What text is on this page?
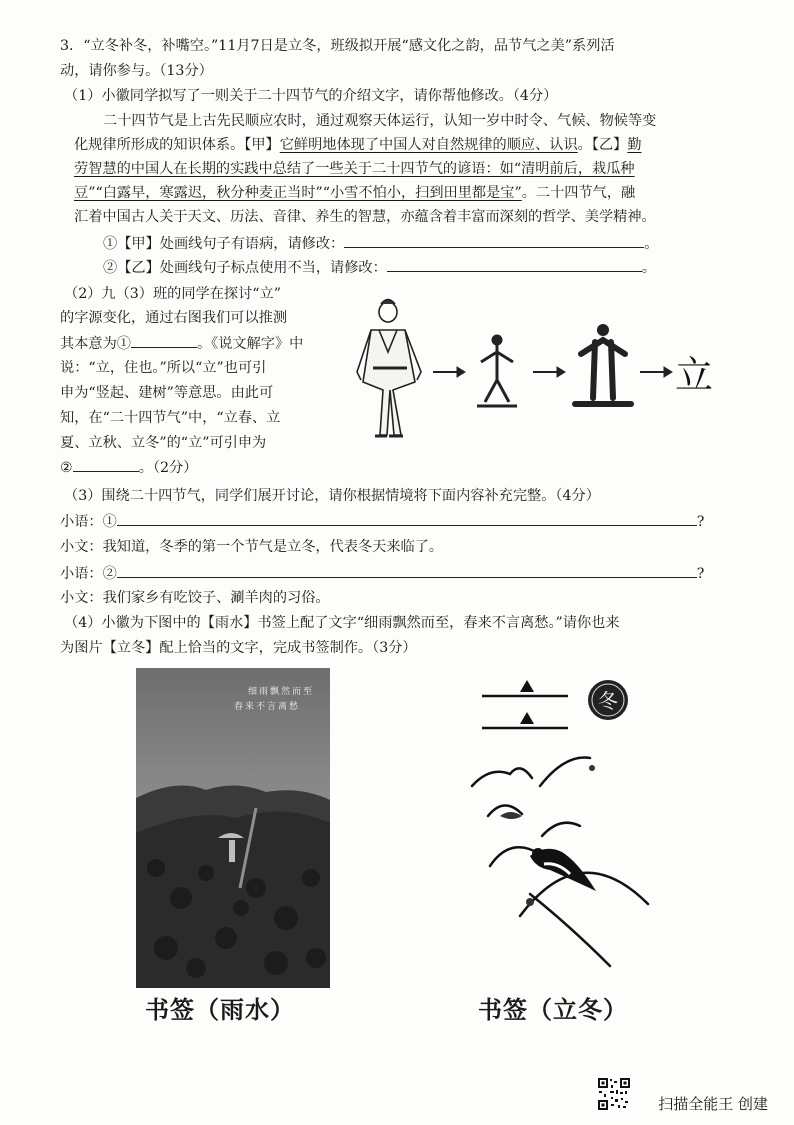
3．“立冬补冬，补嘴空。”11月7日是立冬，班级拟开展“感文化之韵，品节气之美”系列活
动，请你参与。（13分）
（1）小徽同学拟写了一则关于二十四节气的介绍文字，请你帮他修改。（4分）
二十四节气是上古先民顺应农时，通过观察天体运行，认知一岁中时令、气候、物候等变
化规律所形成的知识体系。【甲】它鲜明地体现了中国人对自然规律的顺应、认识。【乙】勤
劳智慧的中国人在长期的实践中总结了一些关于二十四节气的谚语：如“清明前后，栽瓜种
豆”“白露早，寒露迟，秋分种麦正当时”“小雪不怕小，扫到田里都是宝”。二十四节气，融
汇着中国古人关于天文、历法、音律、养生的智慧，亦蕴含着丰富而深刻的哲学、美学精神。
①【甲】处画线句子有语病，请修改：	。
②【乙】处画线句子标点使用不当，请修改：	。
（2）九（3）班的同学在探讨“立”
的字源变化，通过右图我们可以推测
其本意为①	。《说文解字》中
说：“立，住也。”所以“立”也可引
申为“竖起、建树”等意思。由此可
知，在“二十四节气”中，“立春、立
夏、立秋、立冬”的“立”可引申为
②	。（2分）
立
（3）围绕二十四节气，同学们展开讨论，请你根据情境将下面内容补充完整。（4分）
小语：①	?
小文：我知道，冬季的第一个节气是立冬，代表冬天来临了。
小语：②	?
小文：我们家乡有吃饺子、涮羊肉的习俗。
（4）小徽为下图中的【雨水】书签上配了文字“细雨飘然而至，春来不言离愁。”请你也来
为图片【立冬】配上恰当的文字，完成书签制作。（3分）
细雨飘然而至
春来不言离愁
书签（雨水）
冬
书签（立冬）
扫描全能王 创建
